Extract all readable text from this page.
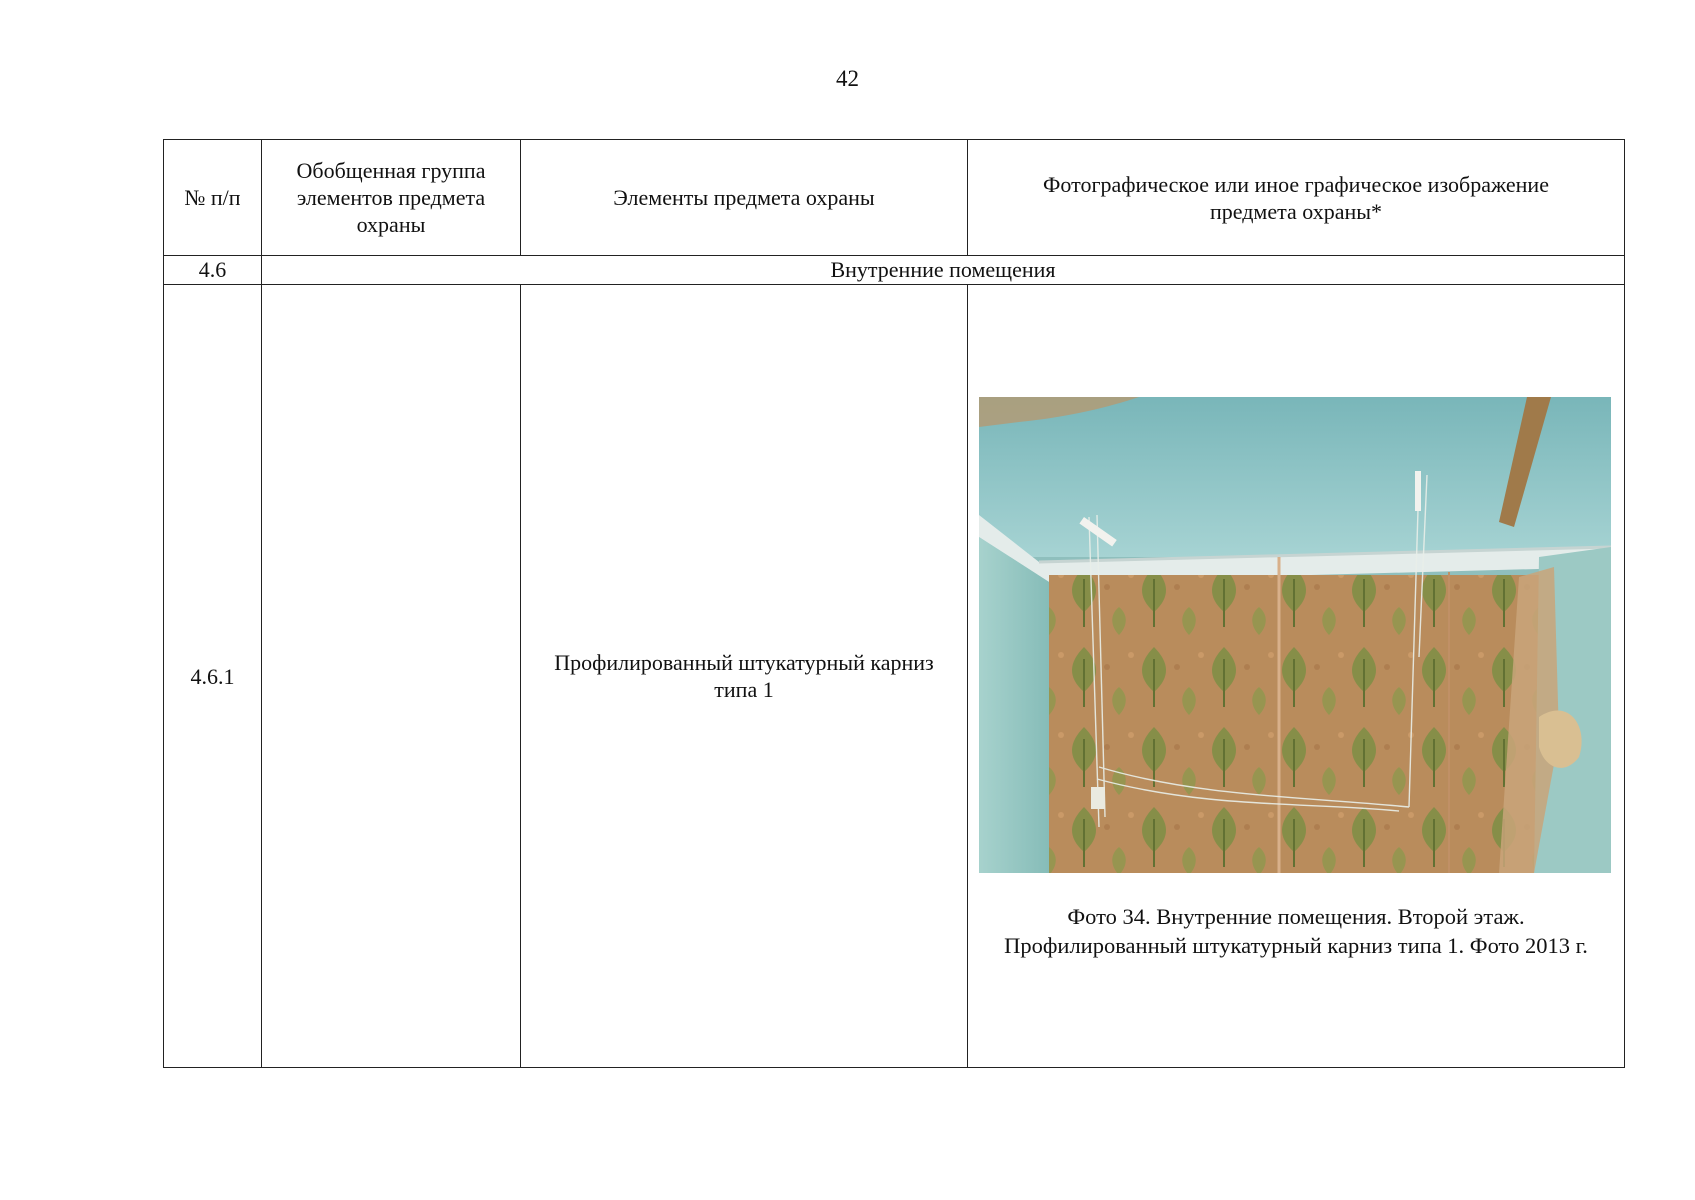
42
№ п/п	Обобщенная группа
элементов предмета
охраны	Элементы предмета охраны	Фотографическое или иное графическое изображение
предмета охраны*

4.6	Внутренние помещения		
4.6.1		Профилированный штукатурный карниз
типа 1	Фото 34. Внутренние помещения. Второй этаж.
Профилированный штукатурный карниз типа 1. Фото 2013 г.
